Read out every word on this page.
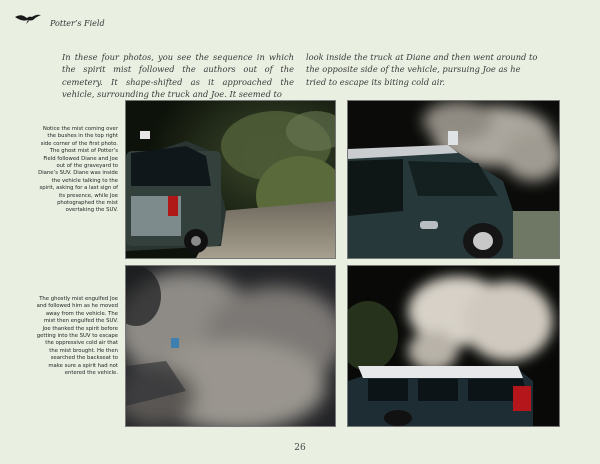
Potter’s Field
In these four photos, you see the sequence in which the spirit mist followed the authors out of the cemetery. It shape-shifted as it approached the vehicle, surrounding the truck and Joe. It seemed to
look inside the truck at Diane and then went around to the opposite side of the vehicle, pursuing Joe as he tried to escape its biting cold air.
Notice the mist coming over the bushes in the top right side corner of the first photo. The ghost mist of Potter’s Field followed Diane and Joe out of the graveyard to Diane’s SUV. Diane was inside the vehicle talking to the spirit, asking for a last sign of its presence, while Joe photographed the mist overtaking the SUV.
The ghostly mist engulfed Joe and followed him as he moved away from the vehicle. The mist then engulfed the SUV. Joe thanked the spirit before getting into the SUV to escape the oppressive cold air that the mist brought. He then searched the backseat to make sure a spirit had not entered the vehicle.
26
